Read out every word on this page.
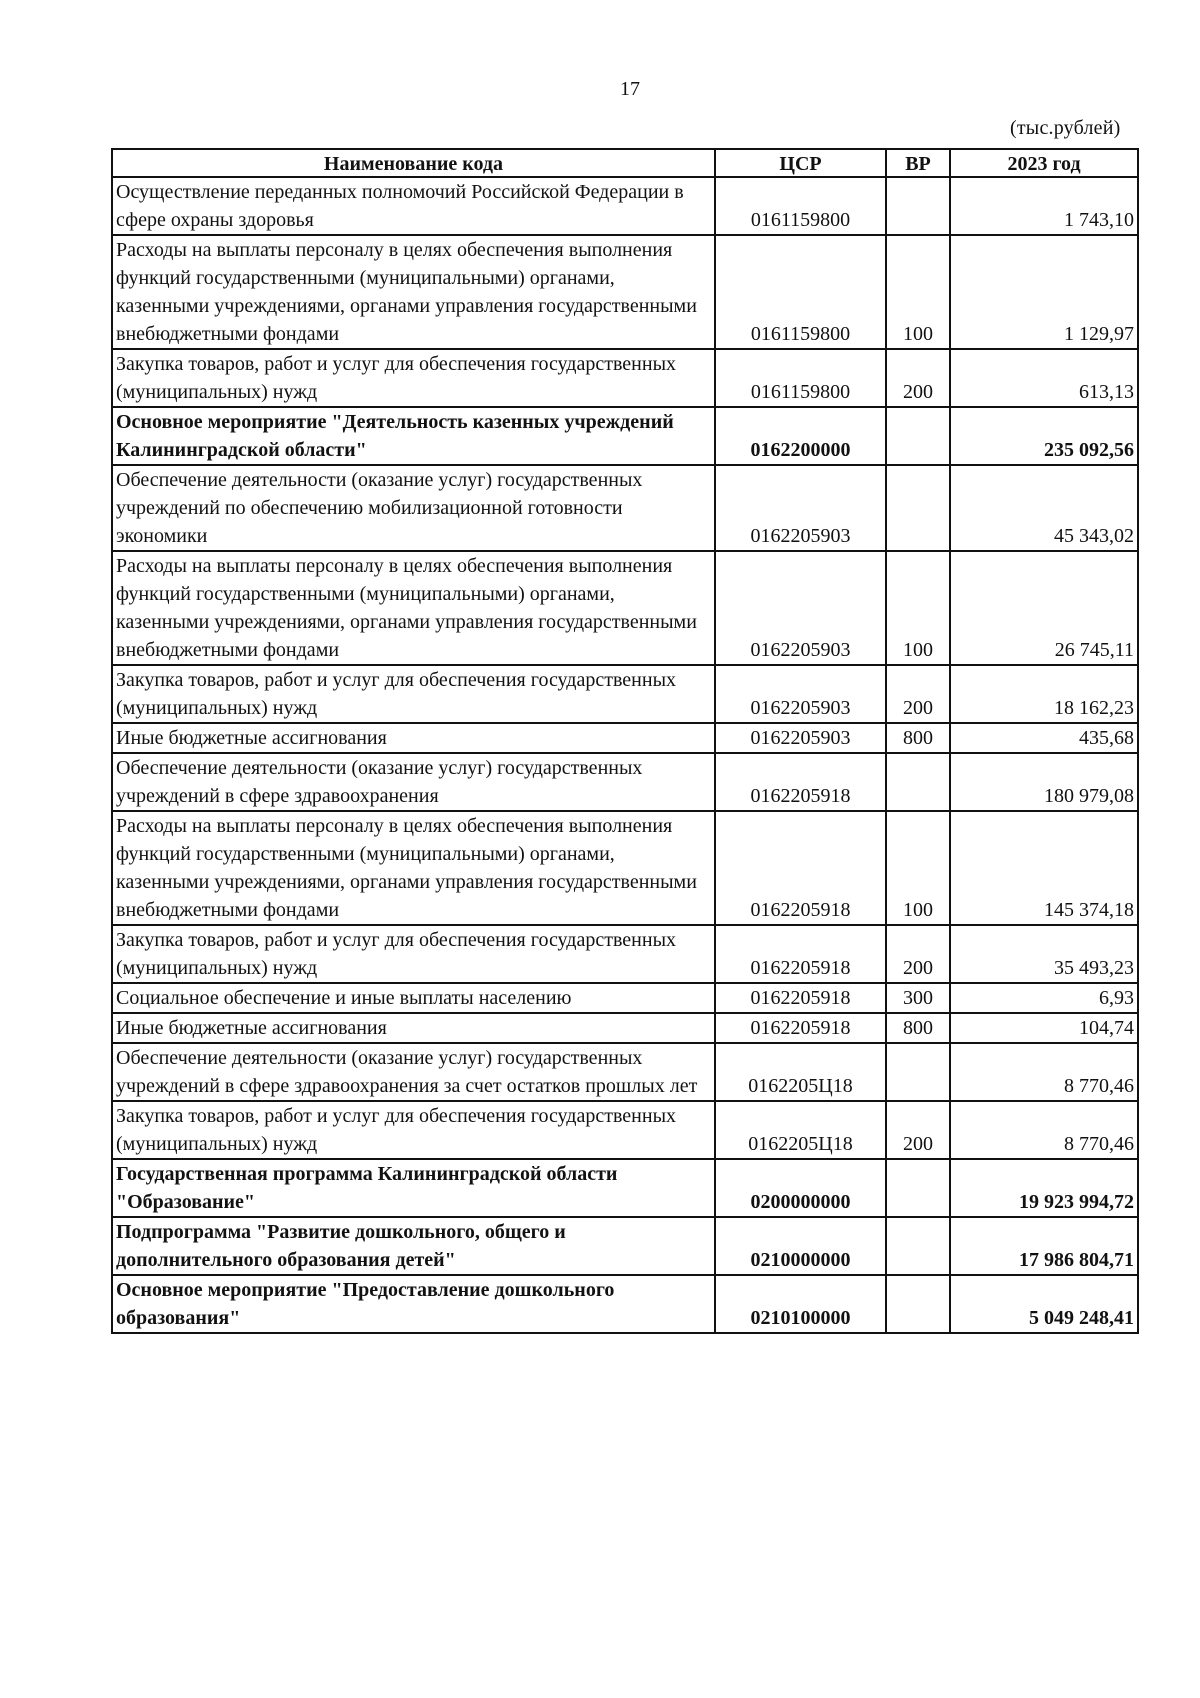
17
(тыс.рублей)
Наименование кода	ЦСР	ВР	2023 год
Осуществление переданных полномочий Российской Федерации в сфере охраны здоровья	0161159800		1 743,10
Расходы на выплаты персоналу в целях обеспечения выполнения функций государственными (муниципальными) органами, казенными учреждениями, органами управления государственными внебюджетными фондами	0161159800	100	1 129,97
Закупка товаров, работ и услуг для обеспечения государственных (муниципальных) нужд	0161159800	200	613,13
Основное мероприятие "Деятельность казенных учреждений Калининградской области"	0162200000		235 092,56
Обеспечение деятельности (оказание услуг) государственных учреждений по обеспечению мобилизационной готовности экономики	0162205903		45 343,02
Расходы на выплаты персоналу в целях обеспечения выполнения функций государственными (муниципальными) органами, казенными учреждениями, органами управления государственными внебюджетными фондами	0162205903	100	26 745,11
Закупка товаров, работ и услуг для обеспечения государственных (муниципальных) нужд	0162205903	200	18 162,23
Иные бюджетные ассигнования	0162205903	800	435,68
Обеспечение деятельности (оказание услуг) государственных учреждений в сфере здравоохранения	0162205918		180 979,08
Расходы на выплаты персоналу в целях обеспечения выполнения функций государственными (муниципальными) органами, казенными учреждениями, органами управления государственными внебюджетными фондами	0162205918	100	145 374,18
Закупка товаров, работ и услуг для обеспечения государственных (муниципальных) нужд	0162205918	200	35 493,23
Социальное обеспечение и иные выплаты населению	0162205918	300	6,93
Иные бюджетные ассигнования	0162205918	800	104,74
Обеспечение деятельности (оказание услуг) государственных учреждений в сфере здравоохранения за счет остатков прошлых лет	0162205Ц18		8 770,46
Закупка товаров, работ и услуг для обеспечения государственных (муниципальных) нужд	0162205Ц18	200	8 770,46
Государственная программа Калининградской области "Образование"	0200000000		19 923 994,72
Подпрограмма "Развитие дошкольного, общего и дополнительного образования детей"	0210000000		17 986 804,71
Основное мероприятие "Предоставление дошкольного образования"	0210100000		5 049 248,41
